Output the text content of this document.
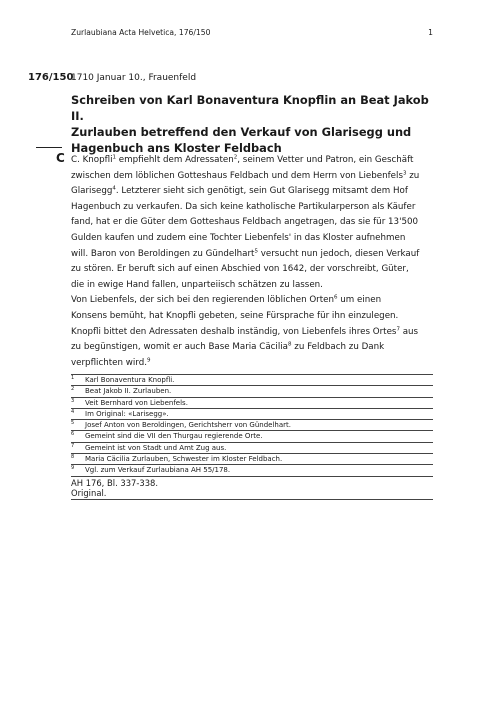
Zurlaubiana Acta Helvetica, 176/150	1
176/150
1710 Januar 10., Frauenfeld
Schreiben von Karl Bonaventura Knopflin an Beat Jakob II.
Zurlauben betreffend den Verkauf von Glarisegg und
Hagenbuch ans Kloster Feldbach
C C. Knopfli$^1$ empfiehlt dem Adressaten$^2$, seinem Vetter und Patron, ein Geschäft
zwischen dem löblichen Gotteshaus Feldbach und dem Herrn von Liebenfels$^3$ zu
Glarisegg$^4$. Letzterer sieht sich genötigt, sein Gut Glarisegg mitsamt dem Hof
Hagenbuch zu verkaufen. Da sich keine katholische Partikularperson als Käufer
fand, hat er die Güter dem Gotteshaus Feldbach angetragen, das sie für 13'500
Gulden kaufen und zudem eine Tochter Liebenfels' in das Kloster aufnehmen
will. Baron von Beroldingen zu Gündelhart$^5$ versucht nun jedoch, diesen Verkauf
zu stören. Er beruft sich auf einen Abschied von 1642, der vorschreibt, Güter,
die in ewige Hand fallen, unparteiisch schätzen zu lassen.

Von Liebenfels, der sich bei den regierenden löblichen Orten$^6$ um einen
Konsens bemüht, hat Knopfli gebeten, seine Fürsprache für ihn einzulegen.
Knopfli bittet den Adressaten deshalb inständig, von Liebenfels ihres Ortes$^7$ aus
zu begünstigen, womit er auch Base Maria Cäcilia$^8$ zu Feldbach zu Dank
verpflichten wird.$^9$

1 Karl Bonaventura Knopfli.
2 Beat Jakob II. Zurlauben.
3 Veit Bernhard von Liebenfels.
4 Im Original: «Larisegg».
5 Josef Anton von Beroldingen, Gerichtsherr von Gündelhart.
6 Gemeint sind die VII den Thurgau regierende Orte.
7 Gemeint ist von Stadt und Amt Zug aus.
8 Maria Cäcilia Zurlauben, Schwester im Kloster Feldbach.
9 Vgl. zum Verkauf Zurlaubiana AH 55/178.
AH 176, Bl. 337-338.
Original.
